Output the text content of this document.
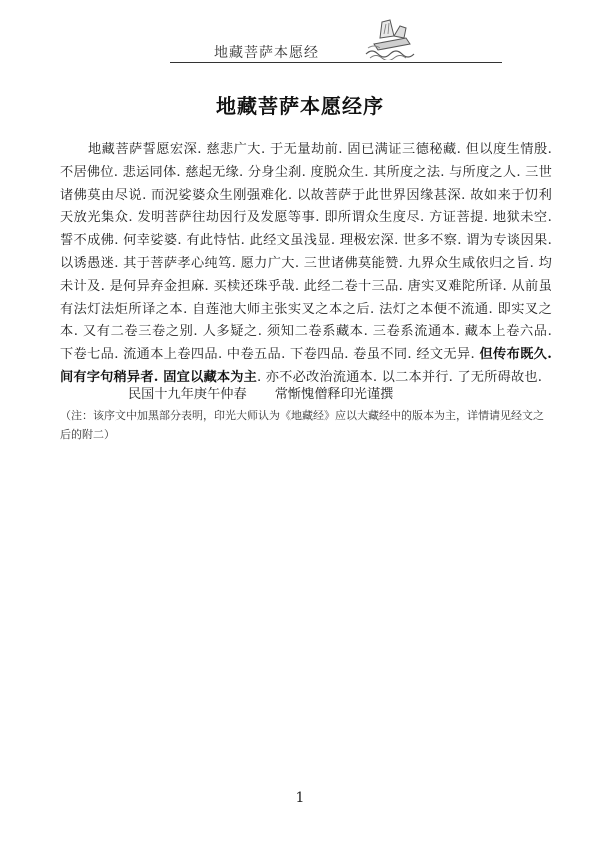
地藏菩萨本愿经
地藏菩萨本愿经序

地藏菩萨誓愿宏深. 慈悲广大. 于无量劫前. 固已满证三德秘藏. 但以度生情殷. 不居佛位. 悲运同体. 慈起无缘. 分身尘刹. 度脱众生. 其所度之法. 与所度之人. 三世诸佛莫由尽说. 而況娑婆众生刚强难化. 以故菩萨于此世界因缘甚深. 故如来于忉利天放光集众. 发明菩萨往劫因行及发愿等事. 即所谓众生度尽. 方证菩提. 地狱未空. 誓不成佛. 何幸娑婆. 有此恃怙. 此经文虽浅显. 理极宏深. 世多不察. 谓为专谈因果. 以诱愚迷. 其于菩萨孝心纯笃. 愿力广大. 三世诸佛莫能赞. 九界众生咸依归之旨. 均未计及. 是何异弃金担麻. 买椟还珠乎哉. 此经二卷十三品. 唐实叉难陀所译. 从前虽有法灯法炬所译之本. 自莲池大师主张实叉之本之后. 法灯之本便不流通. 即实叉之本. 又有二卷三卷之别. 人多疑之. 须知二卷系藏本. 三卷系流通本. 藏本上卷六品. 下卷七品. 流通本上卷四品. 中卷五品. 下卷四品. 卷虽不同. 经文无异. 但传布既久. 间有字句稍异者. 固宜以藏本为主. 亦不必改治流通本. 以二本并行. 了无所碍故也.

民国十九年庚午仲春 常惭愧僧释印光谨撰

（注：该序文中加黑部分表明，印光大师认为《地藏经》应以大藏经中的版本为主，详情请见经文之后的附二）

1
